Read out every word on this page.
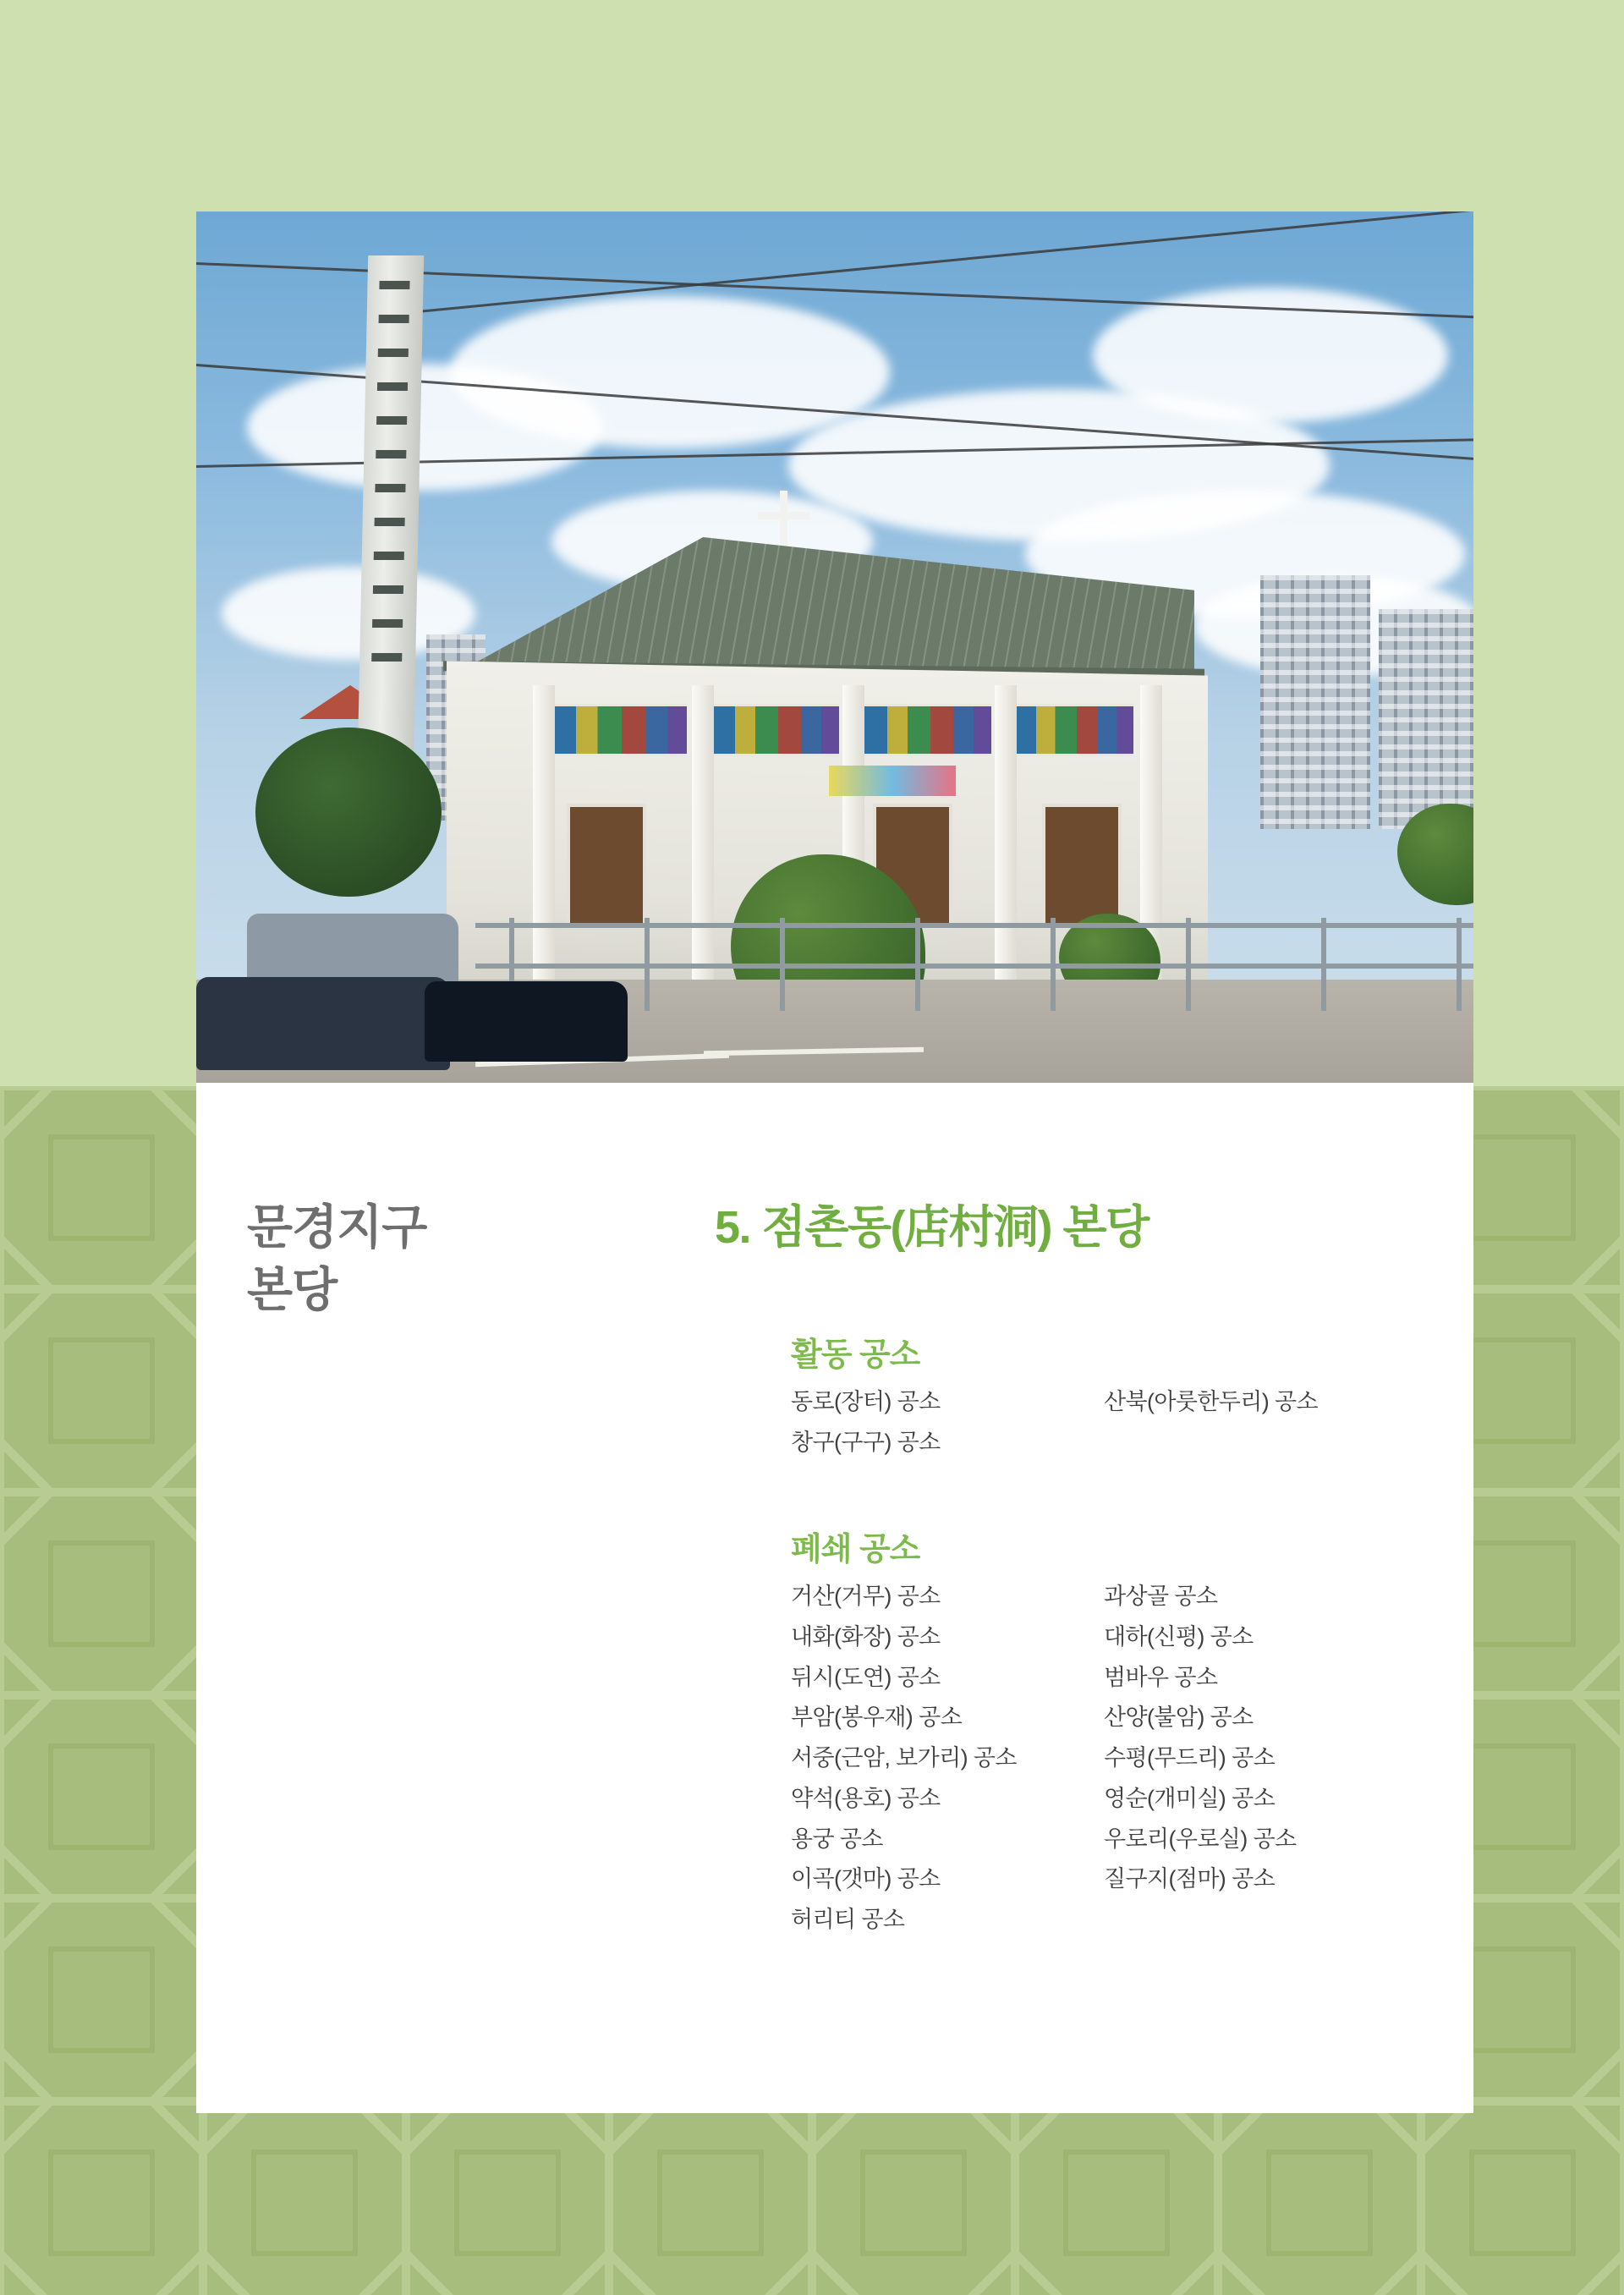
문경지구
본당
5. 점촌동(店村洞) 본당
활동 공소
동로(장터) 공소
창구(구구) 공소
산북(아룻한두리) 공소
폐쇄 공소
거산(거무) 공소
내화(화장) 공소
뒤시(도연) 공소
부암(봉우재) 공소
서중(근암, 보가리) 공소
약석(용호) 공소
용궁 공소
이곡(갯마) 공소
허리티 공소
과상골 공소
대하(신평) 공소
범바우 공소
산양(불암) 공소
수평(무드리) 공소
영순(개미실) 공소
우로리(우로실) 공소
질구지(점마) 공소
